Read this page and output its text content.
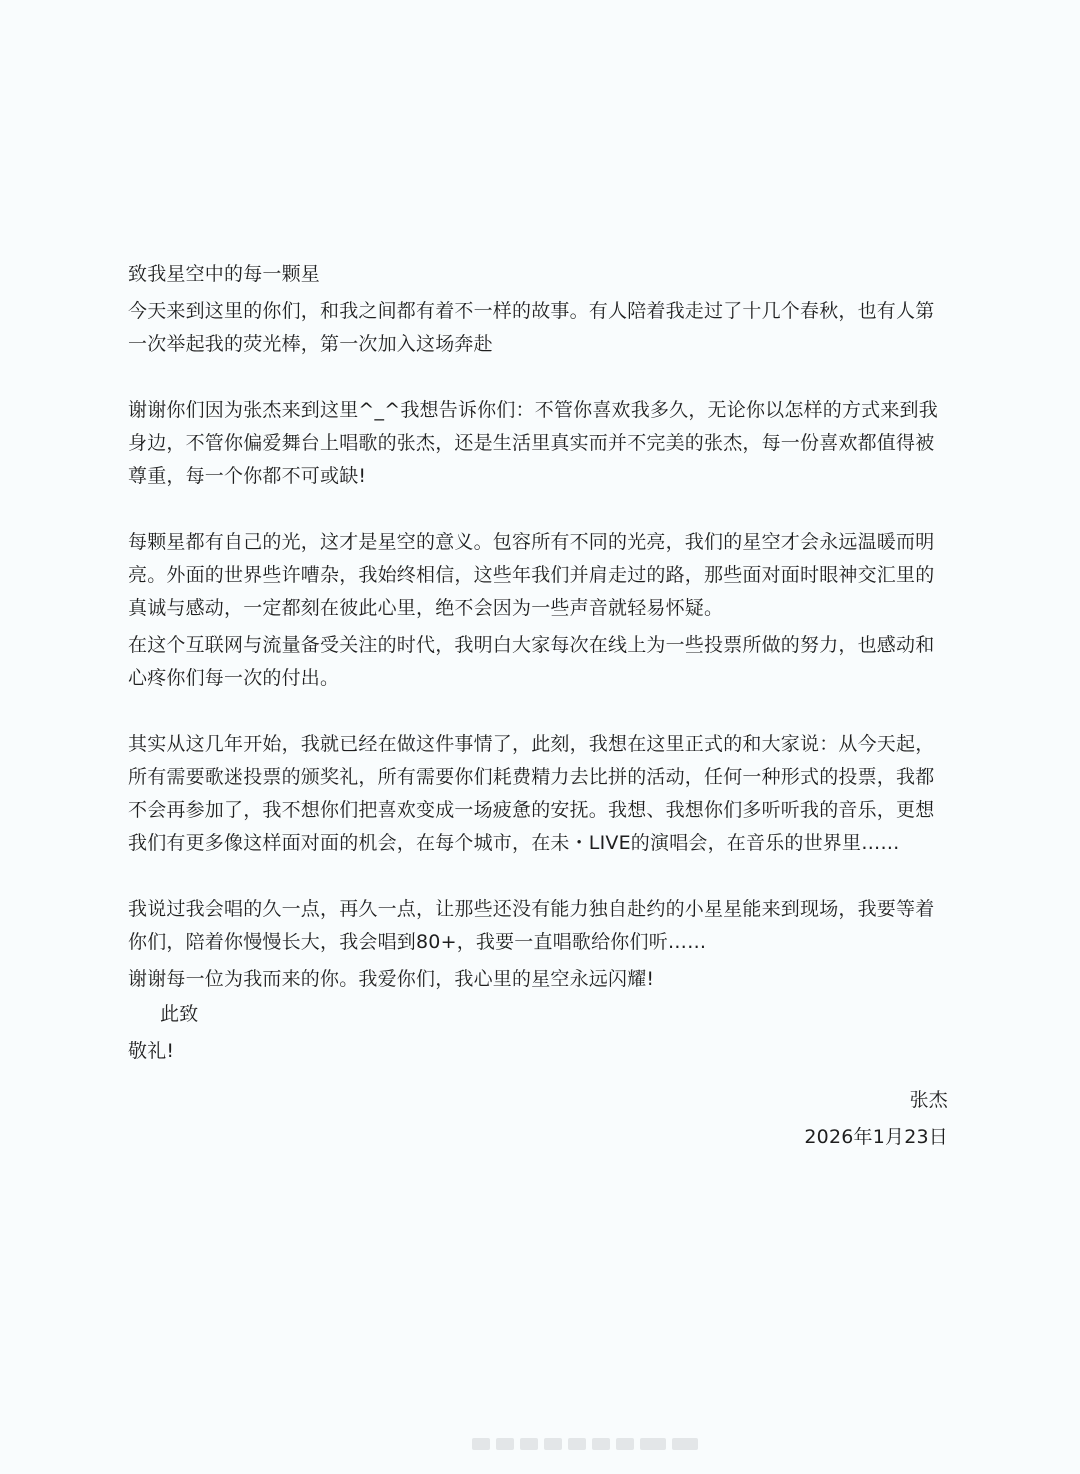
致我星空中的每一颗星

今天来到这里的你们，和我之间都有着不一样的故事。有人陪着我走过了十几个春秋，也有人第一次举起我的荧光棒，第一次加入这场奔赴

谢谢你们因为张杰来到这里^_^我想告诉你们：不管你喜欢我多久，无论你以怎样的方式来到我身边，不管你偏爱舞台上唱歌的张杰，还是生活里真实而并不完美的张杰，每一份喜欢都值得被尊重，每一个你都不可或缺!

每颗星都有自己的光，这才是星空的意义。包容所有不同的光亮，我们的星空才会永远温暖而明亮。外面的世界些许嘈杂，我始终相信，这些年我们并肩走过的路，那些面对面时眼神交汇里的真诚与感动，一定都刻在彼此心里，绝不会因为一些声音就轻易怀疑。

在这个互联网与流量备受关注的时代，我明白大家每次在线上为一些投票所做的努力，也感动和心疼你们每一次的付出。

其实从这几年开始，我就已经在做这件事情了，此刻，我想在这里正式的和大家说：从今天起，所有需要歌迷投票的颁奖礼，所有需要你们耗费精力去比拼的活动，任何一种形式的投票，我都不会再参加了，我不想你们把喜欢变成一场疲惫的安抚。我想、我想你们多听听我的音乐，更想我们有更多像这样面对面的机会，在每个城市，在未・LIVE的演唱会，在音乐的世界里……

我说过我会唱的久一点，再久一点，让那些还没有能力独自赴约的小星星能来到现场，我要等着你们，陪着你慢慢长大，我会唱到80+，我要一直唱歌给你们听……

谢谢每一位为我而来的你。我爱你们，我心里的星空永远闪耀!

此致

敬礼!

张杰

2026年1月23日
